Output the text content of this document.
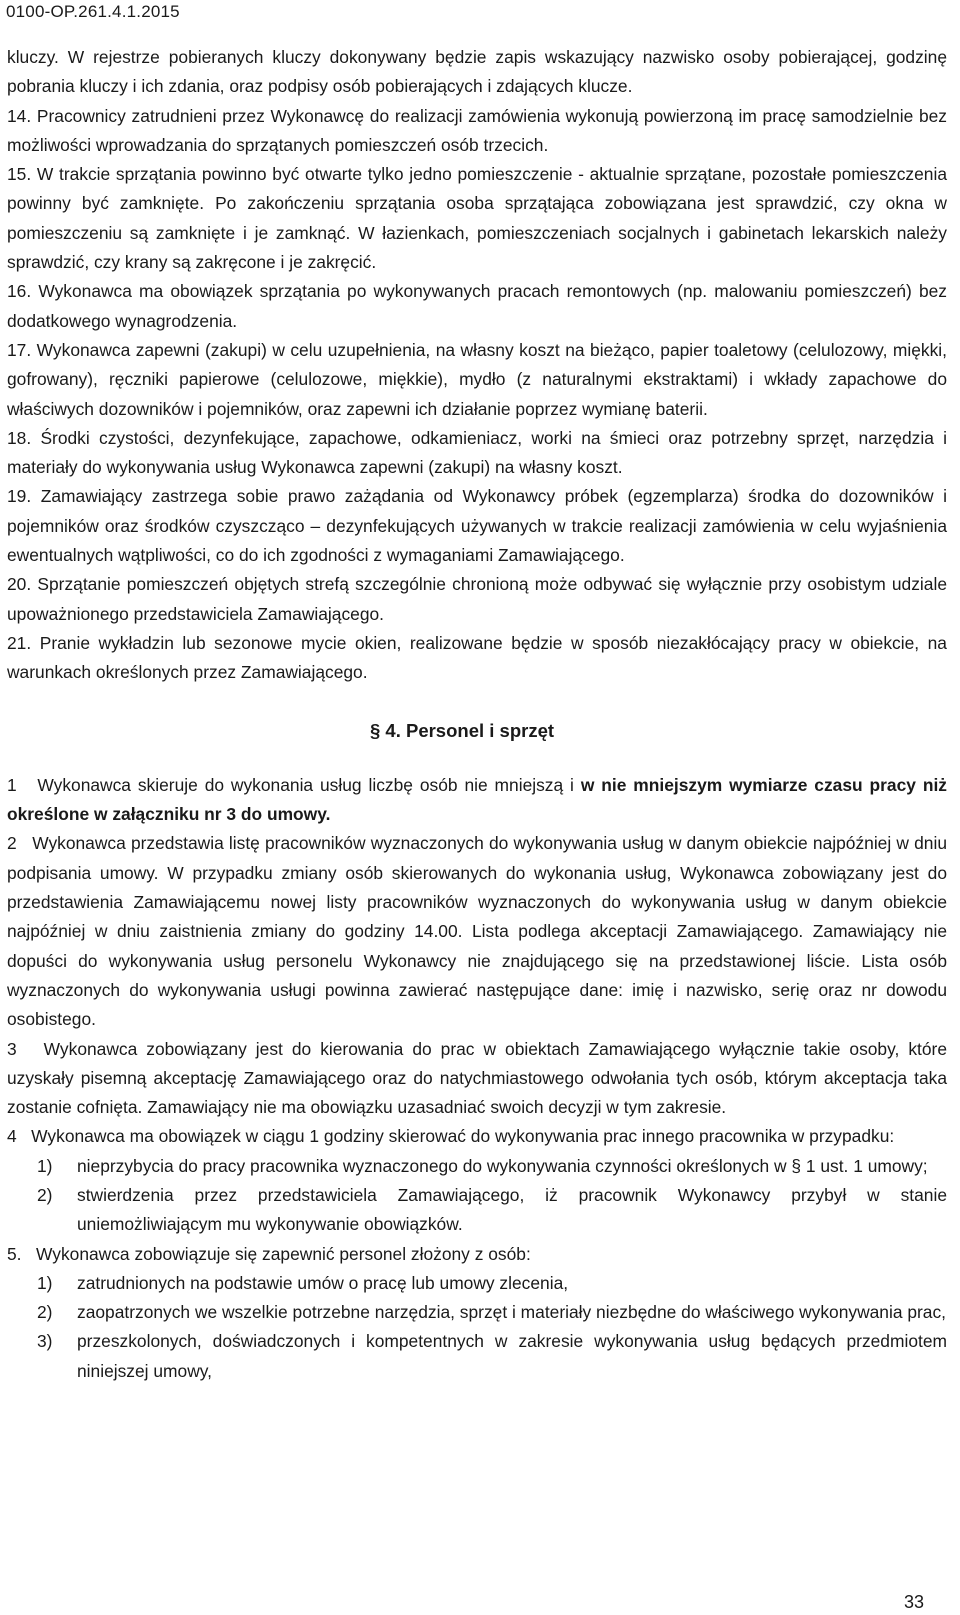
0100-OP.261.4.1.2015

kluczy. W rejestrze pobieranych kluczy dokonywany będzie zapis wskazujący nazwisko osoby pobierającej, godzinę pobrania kluczy i ich zdania, oraz podpisy osób pobierających i zdających klucze.

14. Pracownicy zatrudnieni przez Wykonawcę do realizacji zamówienia wykonują powierzoną im pracę samodzielnie bez możliwości wprowadzania do sprzątanych pomieszczeń osób trzecich.

15. W trakcie sprzątania powinno być otwarte tylko jedno pomieszczenie - aktualnie sprzątane, pozostałe pomieszczenia powinny być zamknięte. Po zakończeniu sprzątania osoba sprzątająca zobowiązana jest sprawdzić, czy okna w pomieszczeniu są zamknięte i je zamknąć. W łazienkach, pomieszczeniach socjalnych i gabinetach lekarskich należy sprawdzić, czy krany są zakręcone i je zakręcić.

16. Wykonawca ma obowiązek sprzątania po wykonywanych pracach remontowych (np. malowaniu pomieszczeń) bez dodatkowego wynagrodzenia.

17. Wykonawca zapewni (zakupi) w celu uzupełnienia, na własny koszt na bieżąco, papier toaletowy (celulozowy, miękki, gofrowany), ręczniki papierowe (celulozowe, miękkie), mydło (z naturalnymi ekstraktami) i wkłady zapachowe do właściwych dozowników i pojemników, oraz zapewni ich działanie poprzez wymianę baterii.

18. Środki czystości, dezynfekujące, zapachowe, odkamieniacz, worki na śmieci oraz potrzebny sprzęt, narzędzia i materiały do wykonywania usług Wykonawca zapewni (zakupi) na własny koszt.

19. Zamawiający zastrzega sobie prawo zażądania od Wykonawcy próbek (egzemplarza) środka do dozowników i pojemników oraz środków czyszcząco – dezynfekujących używanych w trakcie realizacji zamówienia w celu wyjaśnienia ewentualnych wątpliwości, co do ich zgodności z wymaganiami Zamawiającego.

20. Sprzątanie pomieszczeń objętych strefą szczególnie chronioną może odbywać się wyłącznie przy osobistym udziale upoważnionego przedstawiciela Zamawiającego.

21. Pranie wykładzin lub sezonowe mycie okien, realizowane będzie w sposób niezakłócający pracy w obiekcie, na warunkach określonych przez Zamawiającego.

§ 4. Personel i sprzęt

1 Wykonawca skieruje do wykonania usług liczbę osób nie mniejszą i w nie mniejszym wymiarze czasu pracy niż określone w załączniku nr 3 do umowy.

2 Wykonawca przedstawia listę pracowników wyznaczonych do wykonywania usług w danym obiekcie najpóźniej w dniu podpisania umowy. W przypadku zmiany osób skierowanych do wykonania usług, Wykonawca zobowiązany jest do przedstawienia Zamawiającemu nowej listy pracowników wyznaczonych do wykonywania usług w danym obiekcie najpóźniej w dniu zaistnienia zmiany do godziny 14.00. Lista podlega akceptacji Zamawiającego. Zamawiający nie dopuści do wykonywania usług personelu Wykonawcy nie znajdującego się na przedstawionej liście. Lista osób wyznaczonych do wykonywania usługi powinna zawierać następujące dane: imię i nazwisko, serię oraz nr dowodu osobistego.

3 Wykonawca zobowiązany jest do kierowania do prac w obiektach Zamawiającego wyłącznie takie osoby, które uzyskały pisemną akceptację Zamawiającego oraz do natychmiastowego odwołania tych osób, którym akceptacja taka zostanie cofnięta. Zamawiający nie ma obowiązku uzasadniać swoich decyzji w tym zakresie.

4 Wykonawca ma obowiązek w ciągu 1 godziny skierować do wykonywania prac innego pracownika w przypadku:

1)	nieprzybycia do pracy pracownika wyznaczonego do wykonywania czynności określonych w § 1 ust. 1 umowy;
2)	stwierdzenia przez przedstawiciela Zamawiającego, iż pracownik Wykonawcy przybył w stanie uniemożliwiającym mu wykonywanie obowiązków.

5. Wykonawca zobowiązuje się zapewnić personel złożony z osób:

1)	zatrudnionych na podstawie umów o pracę lub umowy zlecenia,
2)	zaopatrzonych we wszelkie potrzebne narzędzia, sprzęt i materiały niezbędne do właściwego wykonywania prac,
3)	przeszkolonych, doświadczonych i kompetentnych w zakresie wykonywania usług będących przedmiotem niniejszej umowy,

33
